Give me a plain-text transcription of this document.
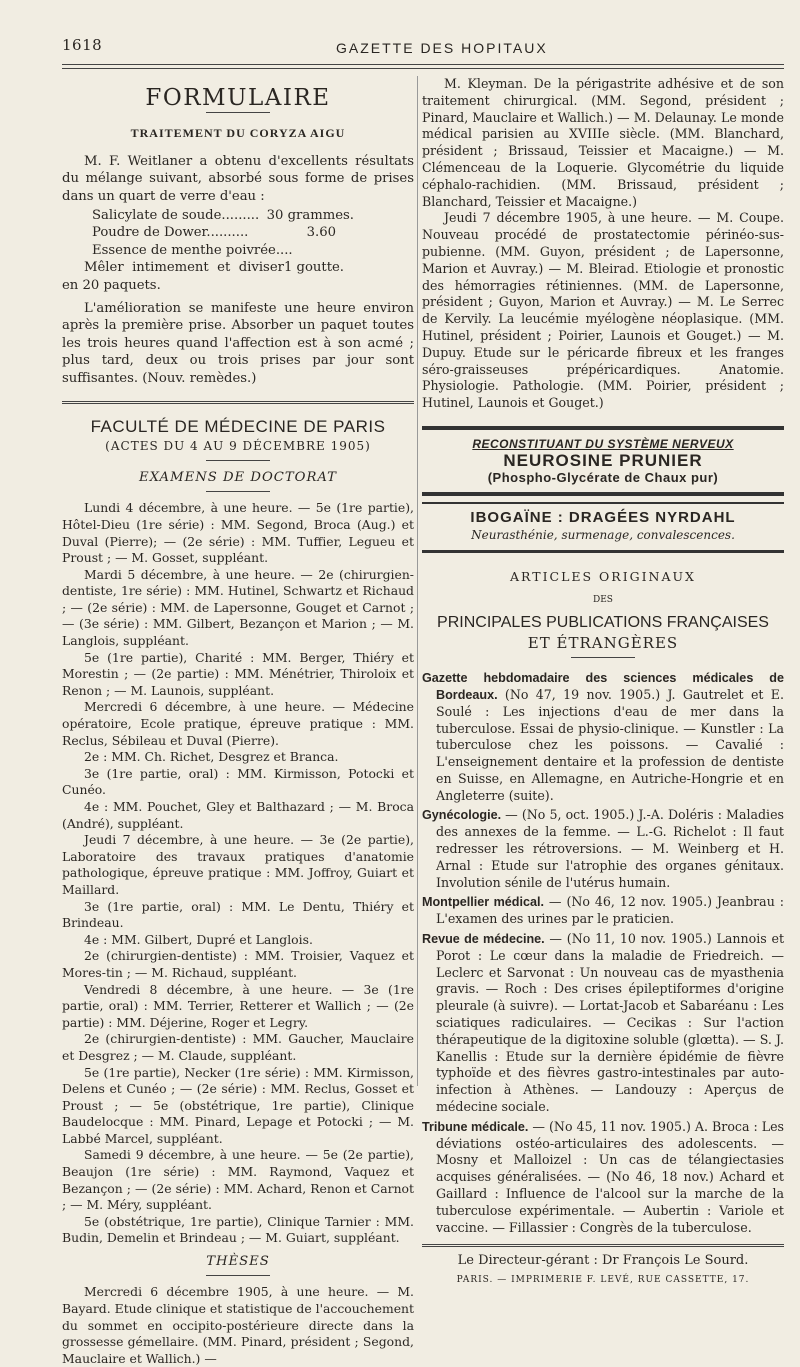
1618	GAZETTE DES HOPITAUX
FORMULAIRE
TRAITEMENT DU CORYZA AIGU

M. F. Weitlaner a obtenu d'excellents résultats du mélange suivant, absorbé sous forme de prises dans un quart de verre d'eau :

Salicylate de soude......... 30 grammes.
Poudre de Dower..........	3.60
Essence de menthe poivrée....
1 goutte.

Mêler intimement et diviser en 20 paquets.

L'amélioration se manifeste une heure environ après la première prise. Absorber un paquet toutes les trois heures quand l'affection est à son acmé ; plus tard, deux ou trois prises par jour sont suffisantes. (Nouv. remèdes.)

FACULTÉ DE MÉDECINE DE PARIS
(ACTES DU 4 AU 9 DÉCEMBRE 1905)
EXAMENS DE DOCTORAT

Lundi 4 décembre, à une heure. — 5e (1re partie), Hôtel-Dieu (1re série) : MM. Segond, Broca (Aug.) et Duval (Pierre); — (2e série) : MM. Tuffier, Legueu et Proust ; — M. Gosset, suppléant.

Mardi 5 décembre, à une heure. — 2e (chirurgien-dentiste, 1re série) : MM. Hutinel, Schwartz et Richaud ; — (2e série) : MM. de Lapersonne, Gouget et Carnot ; — (3e série) : MM. Gilbert, Bezançon et Marion ; — M. Langlois, suppléant.

5e (1re partie), Charité : MM. Berger, Thiéry et Morestin ; — (2e partie) : MM. Ménétrier, Thiroloix et Renon ; — M. Launois, suppléant.

Mercredi 6 décembre, à une heure. — Médecine opératoire, Ecole pratique, épreuve pratique : MM. Reclus, Sébileau et Duval (Pierre).

2e : MM. Ch. Richet, Desgrez et Branca.

3e (1re partie, oral) : MM. Kirmisson, Potocki et Cunéo.

4e : MM. Pouchet, Gley et Balthazard ; — M. Broca (André), suppléant.

Jeudi 7 décembre, à une heure. — 3e (2e partie), Laboratoire des travaux pratiques d'anatomie pathologique, épreuve pratique : MM. Joffroy, Guiart et Maillard.

3e (1re partie, oral) : MM. Le Dentu, Thiéry et Brindeau.

4e : MM. Gilbert, Dupré et Langlois.

2e (chirurgien-dentiste) : MM. Troisier, Vaquez et Mores-tin ; — M. Richaud, suppléant.

Vendredi 8 décembre, à une heure. — 3e (1re partie, oral) : MM. Terrier, Retterer et Wallich ; — (2e partie) : MM. Déjerine, Roger et Legry.

2e (chirurgien-dentiste) : MM. Gaucher, Mauclaire et Desgrez ; — M. Claude, suppléant.

5e (1re partie), Necker (1re série) : MM. Kirmisson, Delens et Cunéo ; — (2e série) : MM. Reclus, Gosset et Proust ; — 5e (obstétrique, 1re partie), Clinique Baudelocque : MM. Pinard, Lepage et Potocki ; — M. Labbé Marcel, suppléant.

Samedi 9 décembre, à une heure. — 5e (2e partie), Beaujon (1re série) : MM. Raymond, Vaquez et Bezançon ; — (2e série) : MM. Achard, Renon et Carnot ; — M. Méry, suppléant.

5e (obstétrique, 1re partie), Clinique Tarnier : MM. Budin, Demelin et Brindeau ; — M. Guiart, suppléant.

THÈSES

Mercredi 6 décembre 1905, à une heure. — M. Bayard. Etude clinique et statistique de l'accouchement du sommet en occipito-postérieure directe dans la grossesse gémellaire. (MM. Pinard, président ; Segond, Mauclaire et Wallich.) —

M. Kleyman. De la périgastrite adhésive et de son traitement chirurgical. (MM. Segond, président ; Pinard, Mauclaire et Wallich.) — M. Delaunay. Le monde médical parisien au XVIIIe siècle. (MM. Blanchard, président ; Brissaud, Teissier et Macaigne.) — M. Clémenceau de la Loquerie. Glycométrie du liquide céphalo-rachidien. (MM. Brissaud, président ; Blanchard, Teissier et Macaigne.)

Jeudi 7 décembre 1905, à une heure. — M. Coupe. Nouveau procédé de prostatectomie périnéo-sus-pubienne. (MM. Guyon, président ; de Lapersonne, Marion et Auvray.) — M. Bleirad. Etiologie et pronostic des hémorragies rétiniennes. (MM. de Lapersonne, président ; Guyon, Marion et Auvray.) — M. Le Serrec de Kervily. La leucémie myélogène néoplasique. (MM. Hutinel, président ; Poirier, Launois et Gouget.) — M. Dupuy. Etude sur le péricarde fibreux et les franges séro-graisseuses prépéricardiques. Anatomie. Physiologie. Pathologie. (MM. Poirier, président ; Hutinel, Launois et Gouget.)

RECONSTITUANT DU SYSTÈME NERVEUX
NEUROSINE PRUNIER
(Phospho-Glycérate de Chaux pur)
IBOGAÏNE : DRAGÉES NYRDAHL
Neurasthénie, surmenage, convalescences.
ARTICLES ORIGINAUX
DES
PRINCIPALES PUBLICATIONS FRANÇAISES
ET ÉTRANGÈRES

Gazette hebdomadaire des sciences médicales de Bordeaux. (No 47, 19 nov. 1905.) J. Gautrelet et E. Soulé : Les injections d'eau de mer dans la tuberculose. Essai de physio-clinique. — Kunstler : La tuberculose chez les poissons. — Cavalié : L'enseignement dentaire et la profession de dentiste en Suisse, en Allemagne, en Autriche-Hongrie et en Angleterre (suite).

Gynécologie. — (No 5, oct. 1905.) J.-A. Doléris : Maladies des annexes de la femme. — L.-G. Richelot : Il faut redresser les rétroversions. — M. Weinberg et H. Arnal : Etude sur l'atrophie des organes génitaux. Involution sénile de l'utérus humain.

Montpellier médical. — (No 46, 12 nov. 1905.) Jeanbrau : L'examen des urines par le praticien.

Revue de médecine. — (No 11, 10 nov. 1905.) Lannois et Porot : Le cœur dans la maladie de Friedreich. — Leclerc et Sarvonat : Un nouveau cas de myasthenia gravis. — Roch : Des crises épileptiformes d'origine pleurale (à suivre). — Lortat-Jacob et Sabaréanu : Les sciatiques radiculaires. — Cecikas : Sur l'action thérapeutique de la digitoxine soluble (glœtta). — S. J. Kanellis : Etude sur la dernière épidémie de fièvre typhoïde et des fièvres gastro-intestinales par auto-infection à Athènes. — Landouzy : Aperçus de médecine sociale.

Tribune médicale. — (No 45, 11 nov. 1905.) A. Broca : Les déviations ostéo-articulaires des adolescents. — Mosny et Malloizel : Un cas de télangiectasies acquises généralisées. — (No 46, 18 nov.) Achard et Gaillard : Influence de l'alcool sur la marche de la tuberculose expérimentale. — Aubertin : Variole et vaccine. — Fillassier : Congrès de la tuberculose.

Le Directeur-gérant : Dr François Le Sourd.
PARIS. — IMPRIMERIE F. LEVÉ, RUE CASSETTE, 17.
